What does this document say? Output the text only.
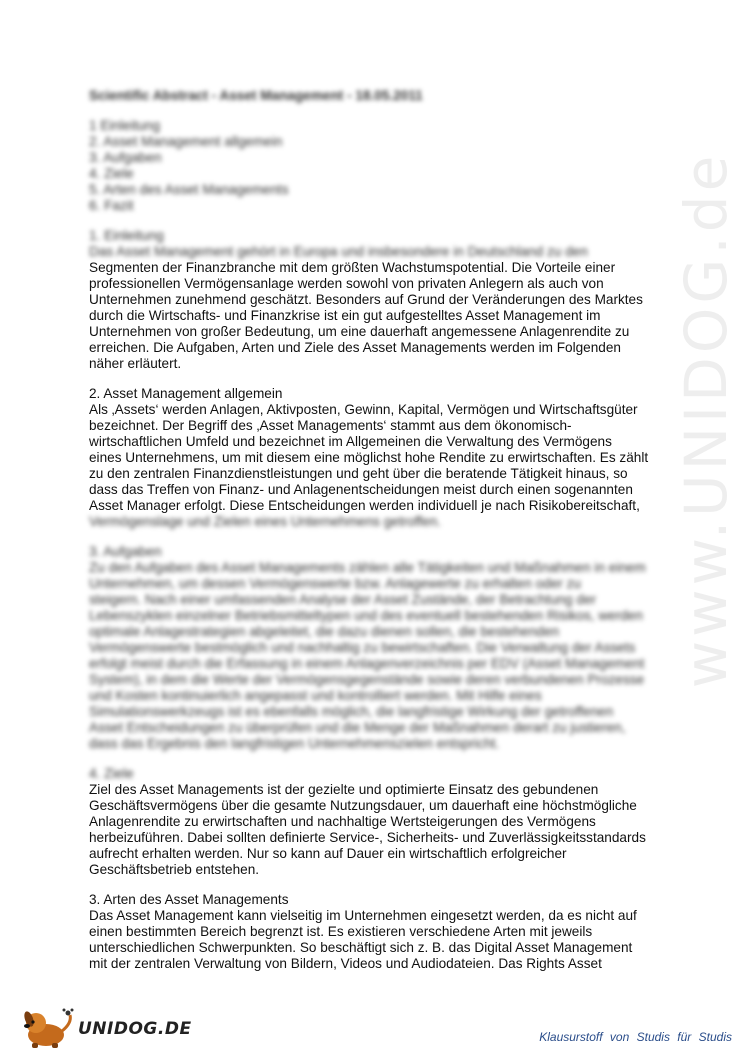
www.UNIDOG.de
Scientific Abstract - Asset Management - 18.05.2011
1 Einleitung
2. Asset Management allgemein
3. Aufgaben
4. Ziele
5. Arten des Asset Managements
6. Fazit
1. Einleitung
Das Asset Management gehört in Europa und insbesondere in Deutschland zu den
Segmenten der Finanzbranche mit dem größten Wachstumspotential. Die Vorteile einer
professionellen Vermögensanlage werden sowohl von privaten Anlegern als auch von
Unternehmen zunehmend geschätzt. Besonders auf Grund der Veränderungen des Marktes
durch die Wirtschafts- und Finanzkrise ist ein gut aufgestelltes Asset Management im
Unternehmen von großer Bedeutung, um eine dauerhaft angemessene Anlagenrendite zu
erreichen. Die Aufgaben, Arten und Ziele des Asset Managements werden im Folgenden
näher erläutert.
2. Asset Management allgemein
Als ‚Assets‘ werden Anlagen, Aktivposten, Gewinn, Kapital, Vermögen und Wirtschaftsgüter
bezeichnet. Der Begriff des ‚Asset Managements‘ stammt aus dem ökonomisch-
wirtschaftlichen Umfeld und bezeichnet im Allgemeinen die Verwaltung des Vermögens
eines Unternehmens, um mit diesem eine möglichst hohe Rendite zu erwirtschaften. Es zählt
zu den zentralen Finanzdienstleistungen und geht über die beratende Tätigkeit hinaus, so
dass das Treffen von Finanz- und Anlagenentscheidungen meist durch einen sogenannten
Asset Manager erfolgt. Diese Entscheidungen werden individuell je nach Risikobereitschaft,
Vermögenslage und Zielen eines Unternehmens getroffen.
3. Aufgaben
Zu den Aufgaben des Asset Managements zählen alle Tätigkeiten und Maßnahmen in einem
Unternehmen, um dessen Vermögenswerte bzw. Anlagewerte zu erhalten oder zu
steigern. Nach einer umfassenden Analyse der Asset Zustände, der Betrachtung der
Lebenszyklen einzelner Betriebsmitteltypen und des eventuell bestehenden Risikos, werden
optimale Anlagestrategien abgeleitet, die dazu dienen sollen, die bestehenden
Vermögenswerte bestmöglich und nachhaltig zu bewirtschaften. Die Verwaltung der Assets
erfolgt meist durch die Erfassung in einem Anlagenverzeichnis per EDV (Asset Management
System), in dem die Werte der Vermögensgegenstände sowie deren verbundenen Prozesse
und Kosten kontinuierlich angepasst und kontrolliert werden. Mit Hilfe eines
Simulationswerkzeugs ist es ebenfalls möglich, die langfristige Wirkung der getroffenen
Asset Entscheidungen zu überprüfen und die Menge der Maßnahmen derart zu justieren,
dass das Ergebnis den langfristigen Unternehmenszielen entspricht.
4. Ziele
Ziel des Asset Managements ist der gezielte und optimierte Einsatz des gebundenen
Geschäftsvermögens über die gesamte Nutzungsdauer, um dauerhaft eine höchstmögliche
Anlagenrendite zu erwirtschaften und nachhaltige Wertsteigerungen des Vermögens
herbeizuführen. Dabei sollten definierte Service-, Sicherheits- und Zuverlässigkeitsstandards
aufrecht erhalten werden. Nur so kann auf Dauer ein wirtschaftlich erfolgreicher
Geschäftsbetrieb entstehen.
3. Arten des Asset Managements
Das Asset Management kann vielseitig im Unternehmen eingesetzt werden, da es nicht auf
einen bestimmten Bereich begrenzt ist. Es existieren verschiedene Arten mit jeweils
unterschiedlichen Schwerpunkten. So beschäftigt sich z. B. das Digital Asset Management
mit der zentralen Verwaltung von Bildern, Videos und Audiodateien. Das Rights Asset
UNIDOG.DE	Klausurstoff von Studis für Studis
